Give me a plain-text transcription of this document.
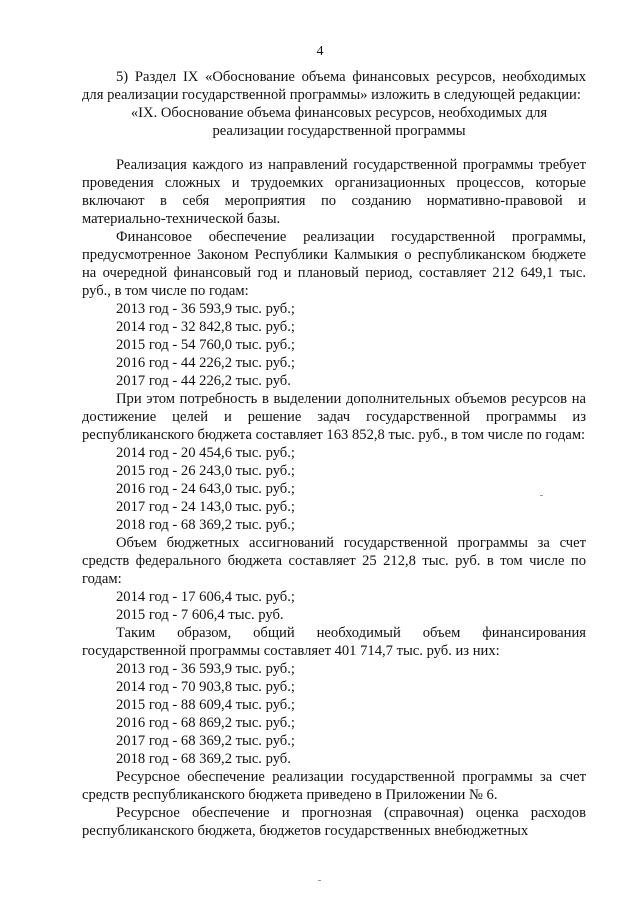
4

5) Раздел IX «Обоснование объема финансовых ресурсов, необходимых для реализации государственной программы» изложить в следующей редакции:

«IX. Обоснование объема финансовых ресурсов, необходимых для реализации государственной программы

Реализация каждого из направлений государственной программы требует проведения сложных и трудоемких организационных процессов, которые включают в себя мероприятия по созданию нормативно-правовой и материально-технической базы.

Финансовое обеспечение реализации государственной программы, предусмотренное Законом Республики Калмыкия о республиканском бюджете на очередной финансовый год и плановый период, составляет 212 649,1 тыс. руб., в том числе по годам:

2013 год - 36 593,9 тыс. руб.;
2014 год - 32 842,8 тыс. руб.;
2015 год - 54 760,0 тыс. руб.;
2016 год - 44 226,2 тыс. руб.;
2017 год - 44 226,2 тыс. руб.

При этом потребность в выделении дополнительных объемов ресурсов на достижение целей и решение задач государственной программы из республиканского бюджета составляет 163 852,8 тыс. руб., в том числе по годам:

2014 год - 20 454,6 тыс. руб.;
2015 год - 26 243,0 тыс. руб.;
2016 год - 24 643,0 тыс. руб.;
2017 год - 24 143,0 тыс. руб.;
2018 год - 68 369,2 тыс. руб.;

Объем бюджетных ассигнований государственной программы за счет средств федерального бюджета составляет 25 212,8 тыс. руб. в том числе по годам:

2014 год - 17 606,4 тыс. руб.;
2015 год - 7 606,4 тыс. руб.

Таким образом, общий необходимый объем финансирования государственной программы составляет 401 714,7 тыс. руб. из них:

2013 год - 36 593,9 тыс. руб.;
2014 год - 70 903,8 тыс. руб.;
2015 год - 88 609,4 тыс. руб.;
2016 год - 68 869,2 тыс. руб.;
2017 год - 68 369,2 тыс. руб.;
2018 год - 68 369,2 тыс. руб.

Ресурсное обеспечение реализации государственной программы за счет средств республиканского бюджета приведено в Приложении № 6.

Ресурсное обеспечение и прогнозная (справочная) оценка расходов республиканского бюджета, бюджетов государственных внебюджетных
